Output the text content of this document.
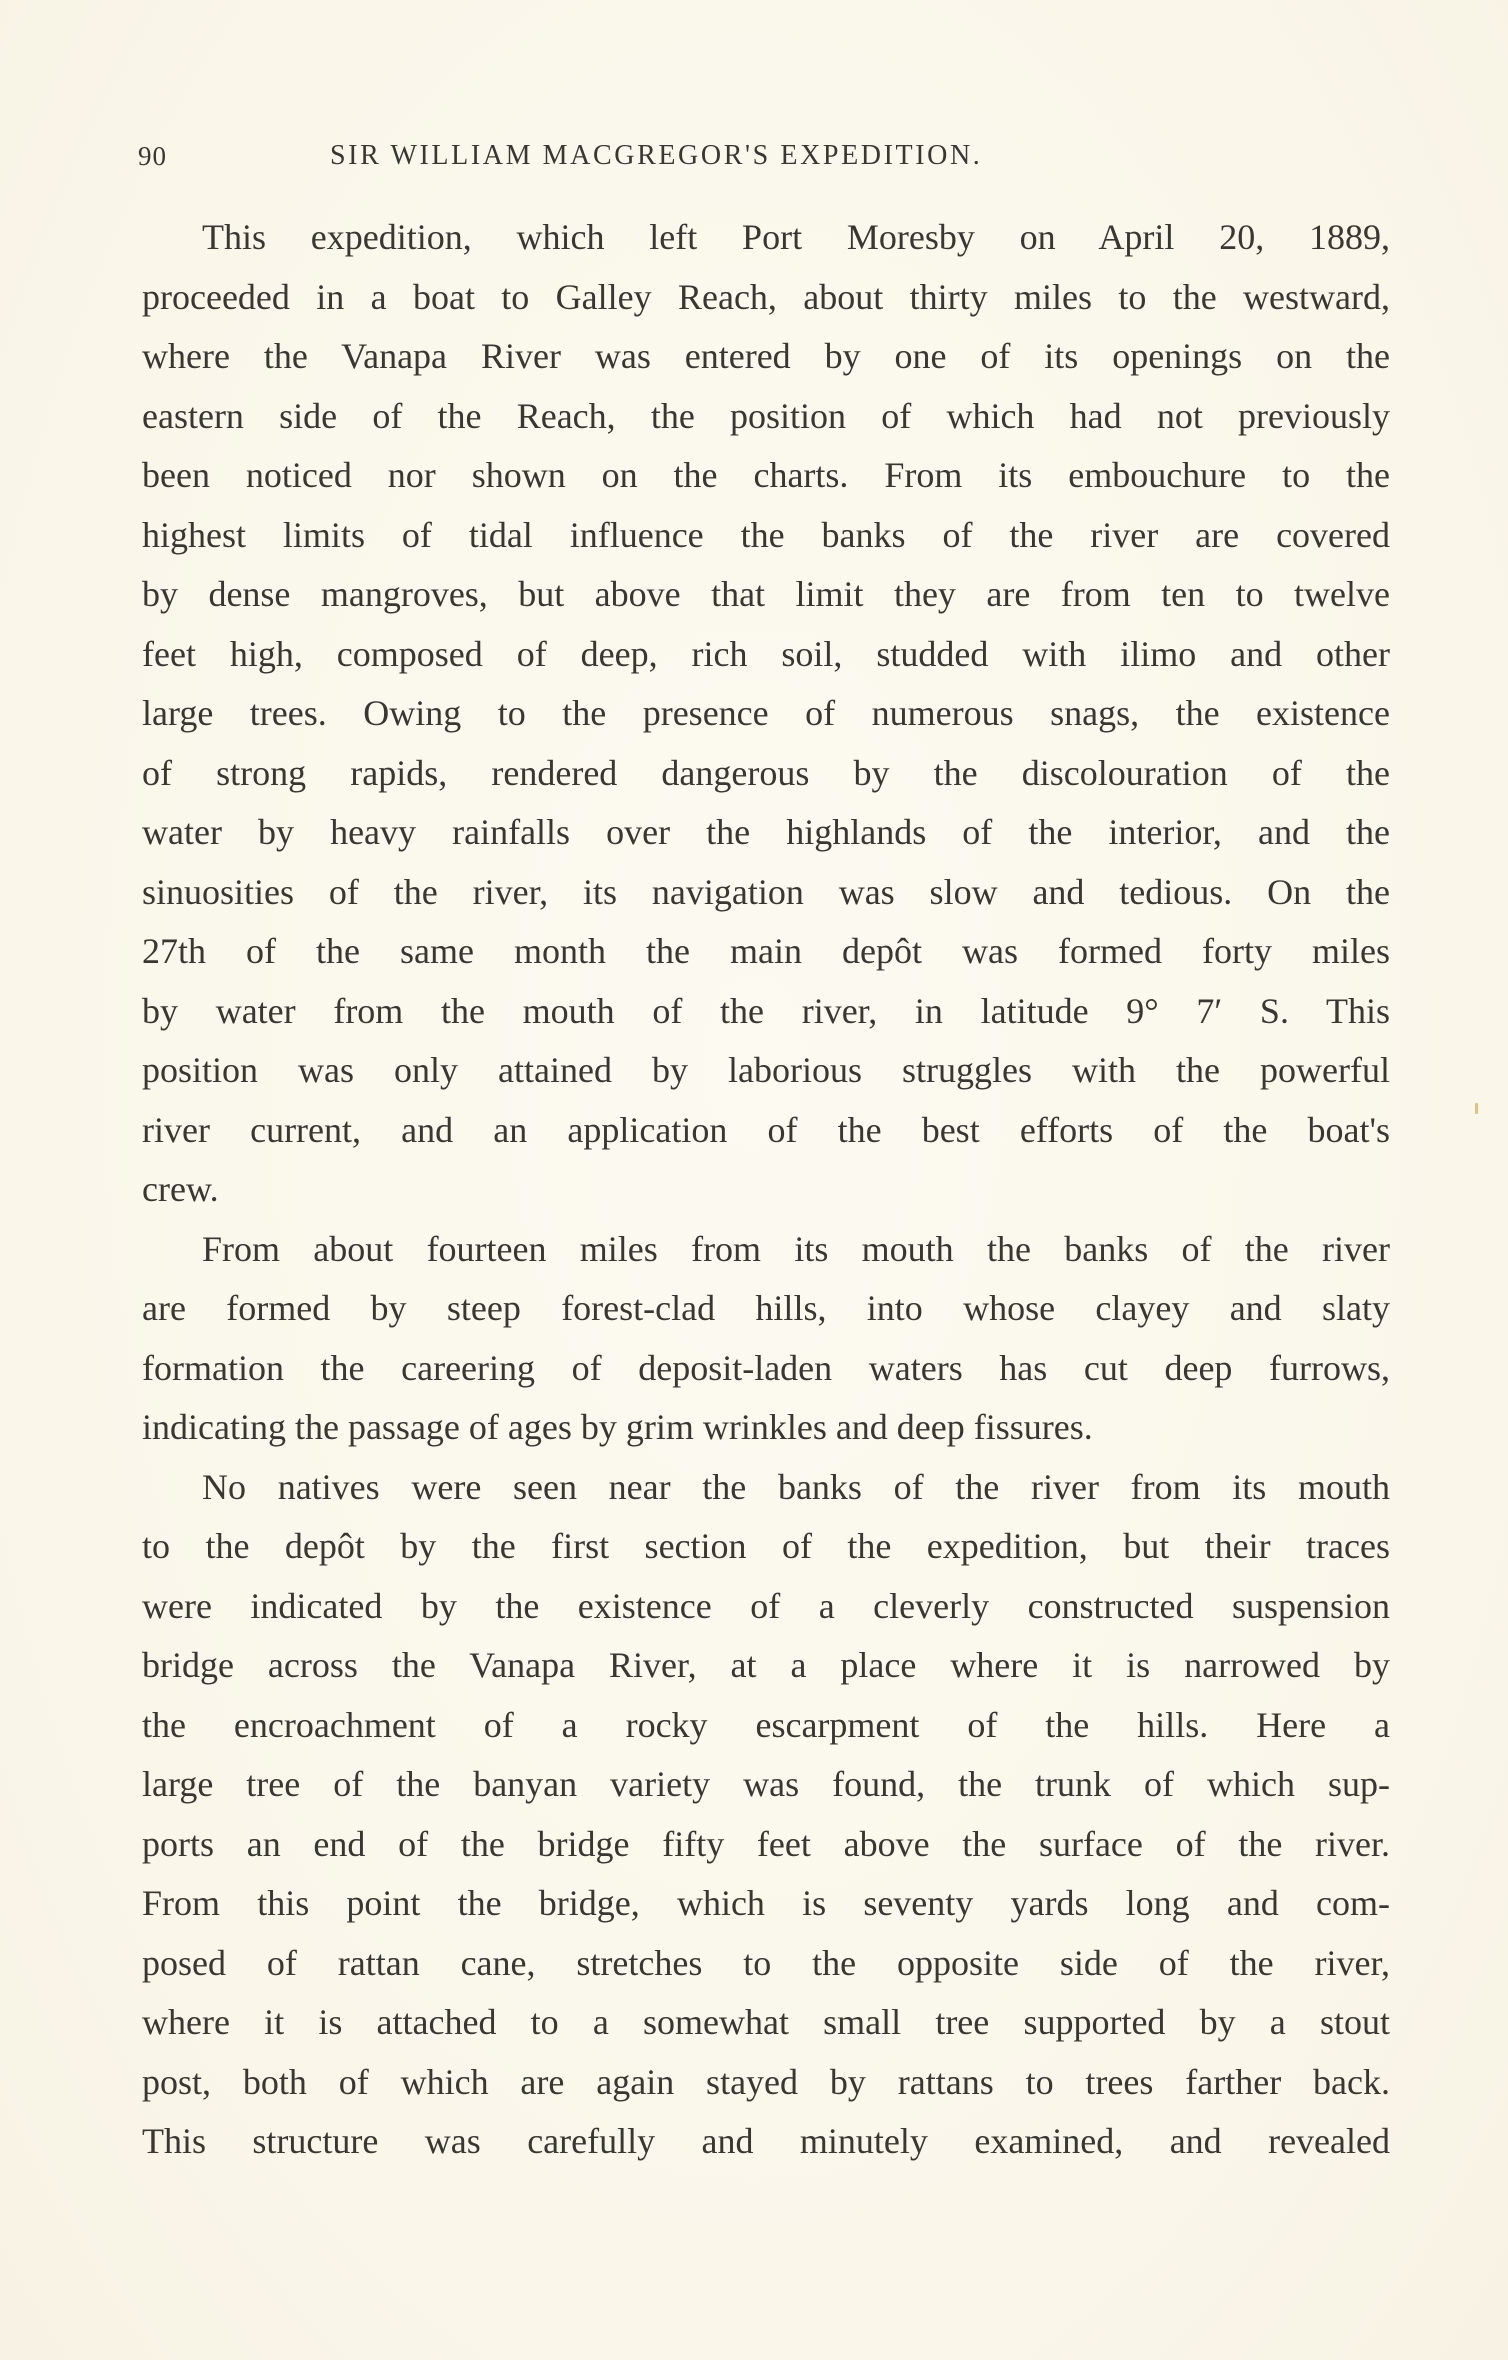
90	SIR WILLIAM MACGREGOR'S EXPEDITION.
This expedition, which left Port Moresby on April 20, 1889,
proceeded in a boat to Galley Reach, about thirty miles to the westward,
where the Vanapa River was entered by one of its openings on the
eastern side of the Reach, the position of which had not previously
been noticed nor shown on the charts. From its embouchure to the
highest limits of tidal influence the banks of the river are covered
by dense mangroves, but above that limit they are from ten to twelve
feet high, composed of deep, rich soil, studded with ilimo and other
large trees. Owing to the presence of numerous snags, the existence
of strong rapids, rendered dangerous by the discolouration of the
water by heavy rainfalls over the highlands of the interior, and the
sinuosities of the river, its navigation was slow and tedious. On the
27th of the same month the main depôt was formed forty miles
by water from the mouth of the river, in latitude 9° 7′ S. This
position was only attained by laborious struggles with the powerful
river current, and an application of the best efforts of the boat's
crew.
From about fourteen miles from its mouth the banks of the river
are formed by steep forest-clad hills, into whose clayey and slaty
formation the careering of deposit-laden waters has cut deep furrows,
indicating the passage of ages by grim wrinkles and deep fissures.
No natives were seen near the banks of the river from its mouth
to the depôt by the first section of the expedition, but their traces
were indicated by the existence of a cleverly constructed suspension
bridge across the Vanapa River, at a place where it is narrowed by
the encroachment of a rocky escarpment of the hills. Here a
large tree of the banyan variety was found, the trunk of which sup-
ports an end of the bridge fifty feet above the surface of the river.
From this point the bridge, which is seventy yards long and com-
posed of rattan cane, stretches to the opposite side of the river,
where it is attached to a somewhat small tree supported by a stout
post, both of which are again stayed by rattans to trees farther back.
This structure was carefully and minutely examined, and revealed
